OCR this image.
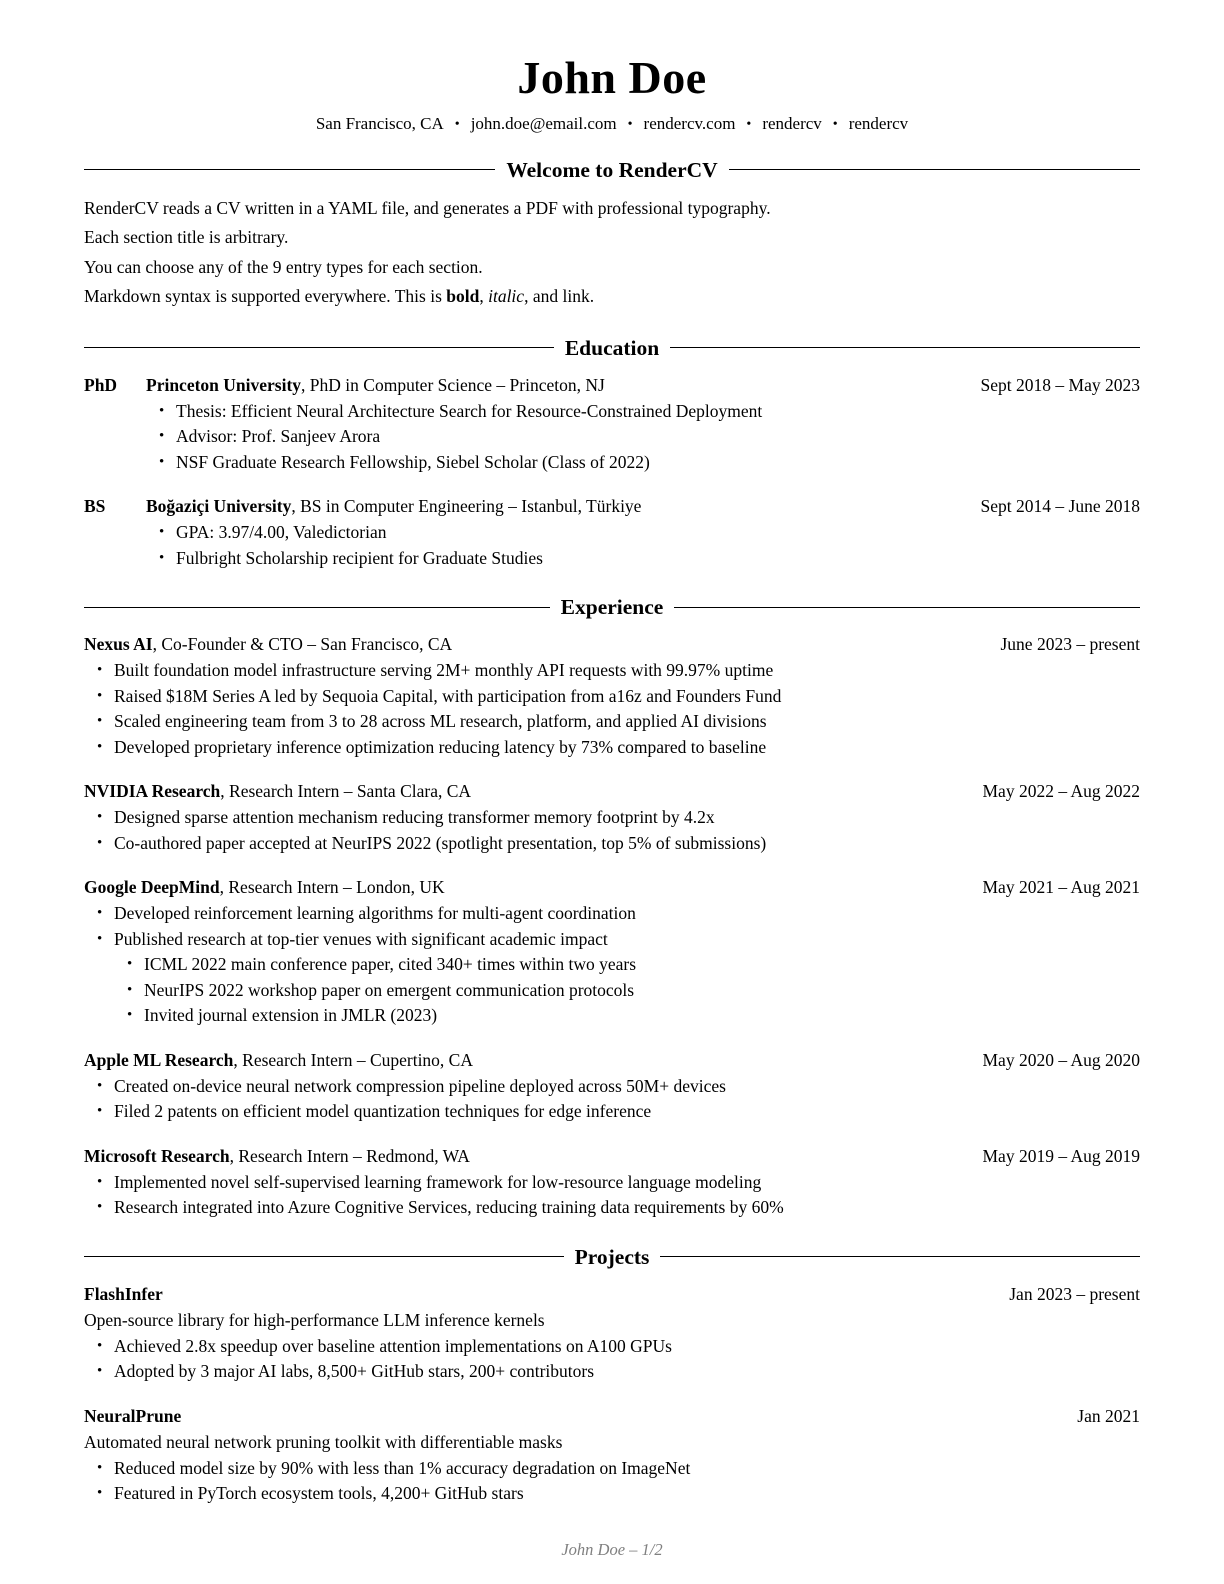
John Doe
San Francisco, CA • john.doe@email.com • rendercv.com • rendercv • rendercv
Welcome to RenderCV

RenderCV reads a CV written in a YAML file, and generates a PDF with professional typography.

Each section title is arbitrary.

You can choose any of the 9 entry types for each section.

Markdown syntax is supported everywhere. This is bold, italic, and link.

Education
PhD	Princeton University, PhD in Computer Science – Princeton, NJ	Sept 2018 – May 2023
• Thesis: Efficient Neural Architecture Search for Resource-Constrained Deployment
• Advisor: Prof. Sanjeev Arora
• NSF Graduate Research Fellowship, Siebel Scholar (Class of 2022)
BS	Boğaziçi University, BS in Computer Engineering – Istanbul, Türkiye	Sept 2014 – June 2018
• GPA: 3.97/4.00, Valedictorian
• Fulbright Scholarship recipient for Graduate Studies
Experience
Nexus AI, Co-Founder & CTO – San Francisco, CA	June 2023 – present
• Built foundation model infrastructure serving 2M+ monthly API requests with 99.97% uptime
• Raised $18M Series A led by Sequoia Capital, with participation from a16z and Founders Fund
• Scaled engineering team from 3 to 28 across ML research, platform, and applied AI divisions
• Developed proprietary inference optimization reducing latency by 73% compared to baseline
NVIDIA Research, Research Intern – Santa Clara, CA	May 2022 – Aug 2022
• Designed sparse attention mechanism reducing transformer memory footprint by 4.2x
• Co-authored paper accepted at NeurIPS 2022 (spotlight presentation, top 5% of submissions)
Google DeepMind, Research Intern – London, UK	May 2021 – Aug 2021
• Developed reinforcement learning algorithms for multi-agent coordination
• Published research at top-tier venues with significant academic impact
• ICML 2022 main conference paper, cited 340+ times within two years
• NeurIPS 2022 workshop paper on emergent communication protocols
• Invited journal extension in JMLR (2023)
Apple ML Research, Research Intern – Cupertino, CA	May 2020 – Aug 2020
• Created on-device neural network compression pipeline deployed across 50M+ devices
• Filed 2 patents on efficient model quantization techniques for edge inference
Microsoft Research, Research Intern – Redmond, WA	May 2019 – Aug 2019
• Implemented novel self-supervised learning framework for low-resource language modeling
• Research integrated into Azure Cognitive Services, reducing training data requirements by 60%
Projects
FlashInfer	Jan 2023 – present
Open-source library for high-performance LLM inference kernels
• Achieved 2.8x speedup over baseline attention implementations on A100 GPUs
• Adopted by 3 major AI labs, 8,500+ GitHub stars, 200+ contributors
NeuralPrune	Jan 2021
Automated neural network pruning toolkit with differentiable masks
• Reduced model size by 90% with less than 1% accuracy degradation on ImageNet
• Featured in PyTorch ecosystem tools, 4,200+ GitHub stars
John Doe – 1/2
